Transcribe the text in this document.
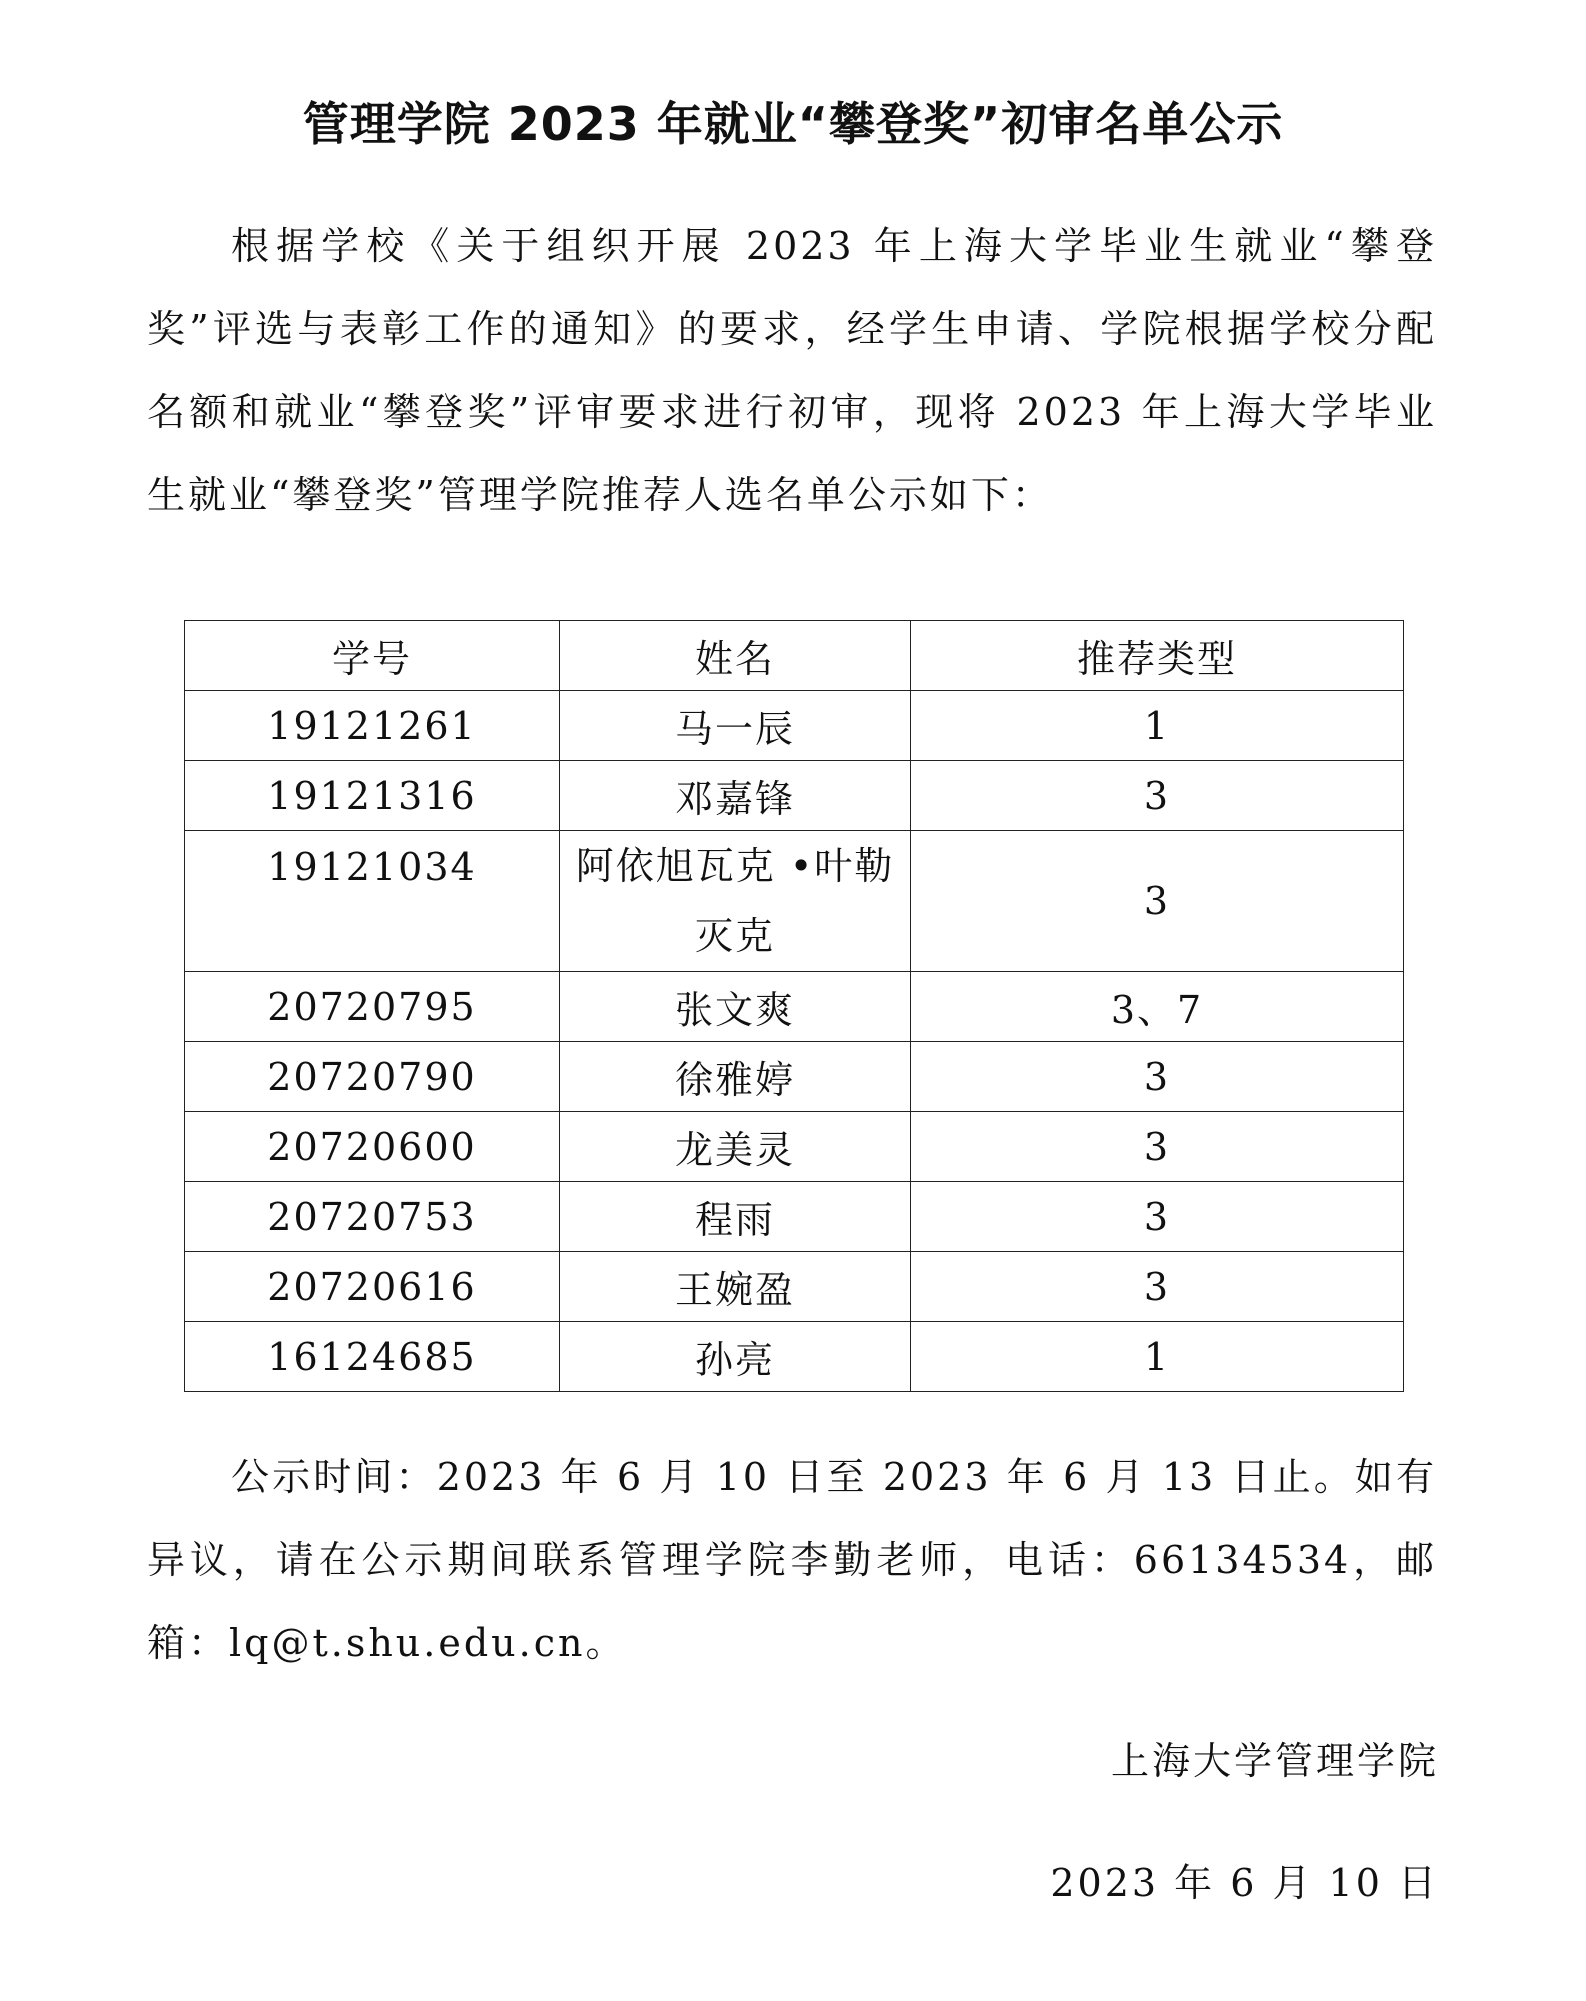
管理学院 2023 年就业“攀登奖”初审名单公示

根据学校《关于组织开展 2023 年上海大学毕业生就业“攀登奖”评选与表彰工作的通知》的要求，经学生申请、学院根据学校分配名额和就业“攀登奖”评审要求进行初审，现将 2023 年上海大学毕业生就业“攀登奖”管理学院推荐人选名单公示如下：

学号	姓名	推荐类型
19121261	马一辰	1
19121316	邓嘉锋	3
19121034	阿依旭瓦克 •叶勒灭克	3
20720795	张文爽	3、7
20720790	徐雅婷	3
20720600	龙美灵	3
20720753	程雨	3
20720616	王婉盈	3
16124685	孙亮	1

公示时间：2023 年 6 月 10 日至 2023 年 6 月 13 日止。如有异议，请在公示期间联系管理学院李勤老师，电话：66134534，邮箱：lq@t.shu.edu.cn。

上海大学管理学院
2023 年 6 月 10 日
